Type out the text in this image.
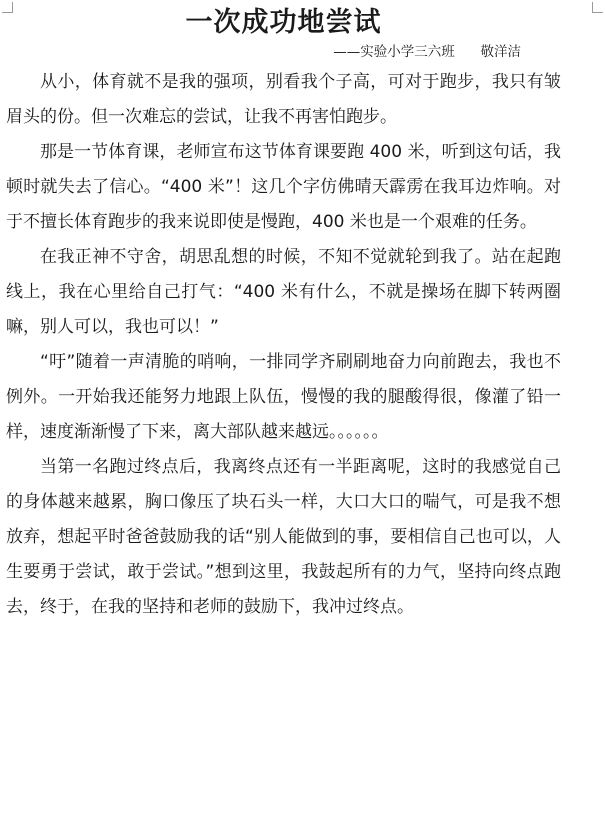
一次成功地尝试
——实验小学三六班      敬洋洁

从小，体育就不是我的强项，别看我个子高，可对于跑步，我只有皱眉头的份。但一次难忘的尝试，让我不再害怕跑步。

那是一节体育课，老师宣布这节体育课要跑 400 米，听到这句话，我顿时就失去了信心。“400 米”！这几个字仿佛晴天霹雳在我耳边炸响。对于不擅长体育跑步的我来说即使是慢跑，400 米也是一个艰难的任务。

在我正神不守舍，胡思乱想的时候，不知不觉就轮到我了。站在起跑线上，我在心里给自己打气：“400 米有什么，不就是操场在脚下转两圈嘛，别人可以，我也可以！”

“吁”随着一声清脆的哨响，一排同学齐刷刷地奋力向前跑去，我也不例外。一开始我还能努力地跟上队伍，慢慢的我的腿酸得很，像灌了铅一样，速度渐渐慢了下来，离大部队越来越远。。。。。。

当第一名跑过终点后，我离终点还有一半距离呢，这时的我感觉自己的身体越来越累，胸口像压了块石头一样，大口大口的喘气，可是我不想放弃，想起平时爸爸鼓励我的话“别人能做到的事，要相信自己也可以，人生要勇于尝试，敢于尝试。”想到这里，我鼓起所有的力气，坚持向终点跑去，终于，在我的坚持和老师的鼓励下，我冲过终点。
